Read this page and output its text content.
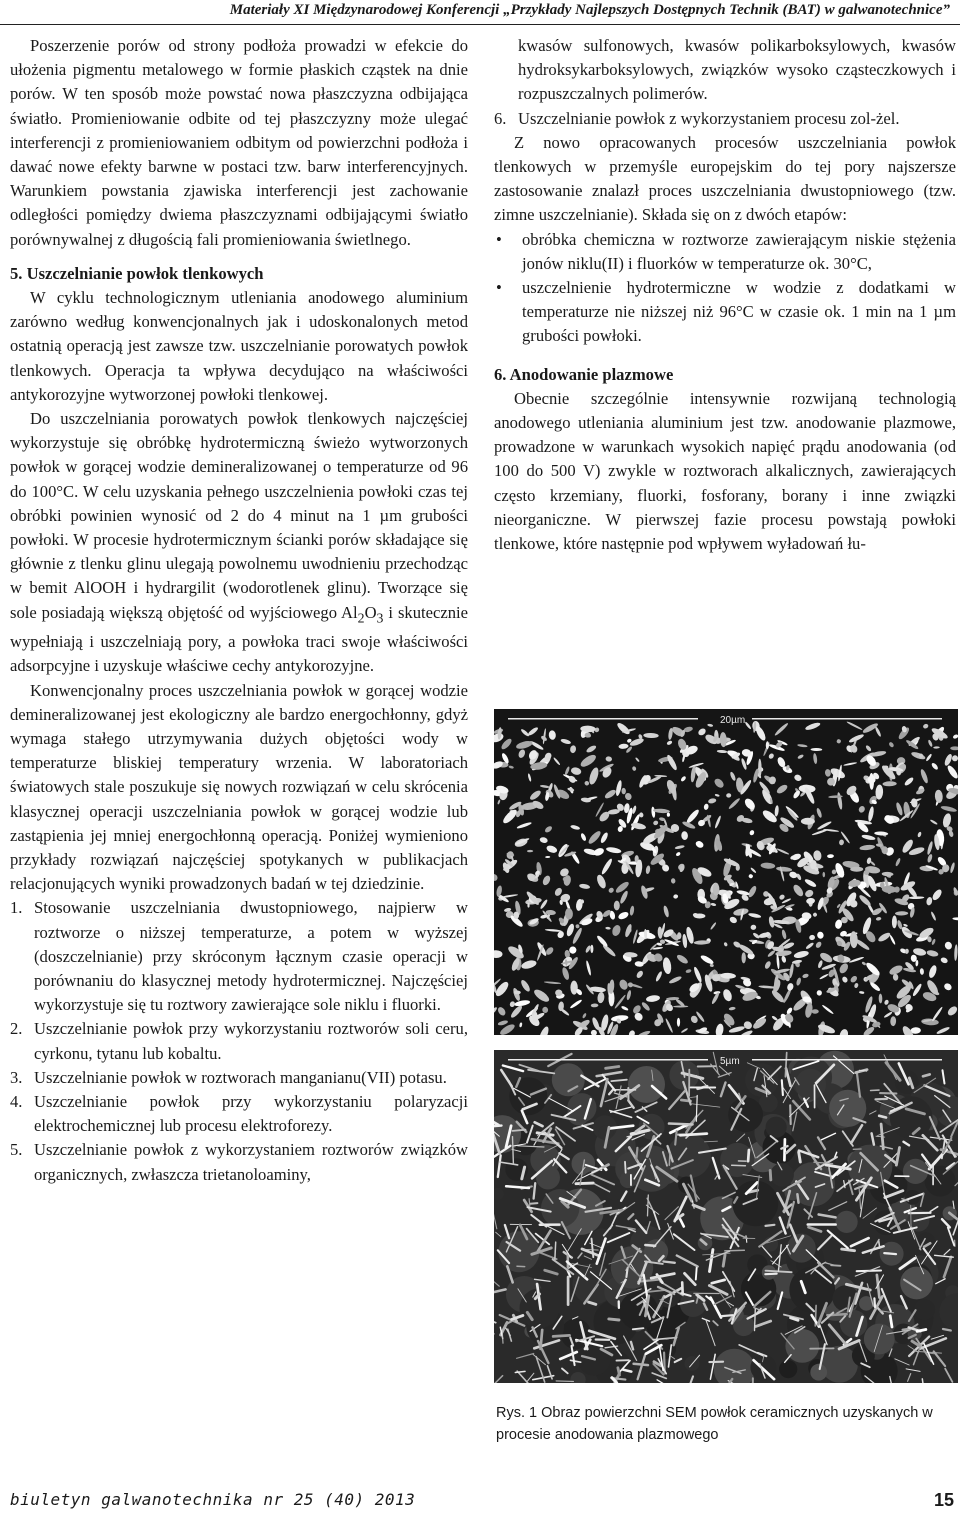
Materiały XI Międzynarodowej Konferencji „Przykłady Najlepszych Dostępnych Technik (BAT) w galwanotechnice”

Poszerzenie porów od strony podłoża prowadzi w efekcie do ułożenia pigmentu metalowego w formie płaskich cząstek na dnie porów. W ten sposób może powstać nowa płaszczyzna odbijająca światło. Promieniowanie odbite od tej płaszczyzny może ulegać interferencji z promieniowaniem odbitym od powierzchni podłoża i dawać nowe efekty barwne w postaci tzw. barw interferencyjnych. Warunkiem powstania zjawiska interferencji jest zachowanie odległości pomiędzy dwiema płaszczyznami odbijającymi światło porównywalnej z długością fali promieniowania świetlnego.

5. Uszczelnianie powłok tlenkowych

W cyklu technologicznym utleniania anodowego aluminium zarówno według konwencjonalnych jak i udoskonalonych metod ostatnią operacją jest zawsze tzw. uszczelnianie porowatych powłok tlenkowych. Operacja ta wpływa decydująco na właściwości antykorozyjne wytworzonej powłoki tlenkowej.

Do uszczelniania porowatych powłok tlenkowych najczęściej wykorzystuje się obróbkę hydrotermiczną świeżo wytworzonych powłok w gorącej wodzie demineralizowanej o temperaturze od 96 do 100°C. W celu uzyskania pełnego uszczelnienia powłoki czas tej obróbki powinien wynosić od 2 do 4 minut na 1 µm grubości powłoki. W procesie hydrotermicznym ścianki porów składające się głównie z tlenku glinu ulegają powolnemu uwodnieniu przechodząc w bemit AlOOH i hydrargilit (wodorotlenek glinu). Tworzące się sole posiadają większą objętość od wyjściowego $Al_2O_3$ i skutecznie wypełniają i uszczelniają pory, a powłoka traci swoje właściwości adsorpcyjne i uzyskuje właściwe cechy antykorozyjne.

Konwencjonalny proces uszczelniania powłok w gorącej wodzie demineralizowanej jest ekologiczny ale bardzo energochłonny, gdyż wymaga stałego utrzymywania dużych objętości wody w temperaturze bliskiej temperatury wrzenia. W laboratoriach światowych stale poszukuje się nowych rozwiązań w celu skrócenia klasycznej operacji uszczelniania powłok w gorącej wodzie lub zastąpienia jej mniej energochłonną operacją. Poniżej wymieniono przykłady rozwiązań najczęściej spotykanych w publikacjach relacjonujących wyniki prowadzonych badań w tej dziedzinie.

1. Stosowanie uszczelniania dwustopniowego, najpierw w roztworze o niższej temperaturze, a potem w wyższej (doszczelnianie) przy skróconym łącznym czasie operacji w porównaniu do klasycznej metody hydrotermicznej. Najczęściej wykorzystuje się tu roztwory zawierające sole niklu i fluorki.
2. Uszczelnianie powłok przy wykorzystaniu roztworów soli ceru, cyrkonu, tytanu lub kobaltu.
3. Uszczelnianie powłok w roztworach manganianu(VII) potasu.
4. Uszczelnianie powłok przy wykorzystaniu polaryzacji elektrochemicznej lub procesu elektroforezy.
5. Uszczelnianie powłok z wykorzystaniem roztworów związków organicznych, zwłaszcza trietanoloaminy,
kwasów sulfonowych, kwasów polikarboksylowych, kwasów hydroksykarboksylowych, związków wysoko cząsteczkowych i rozpuszczalnych polimerów.
6. Uszczelnianie powłok z wykorzystaniem procesu zol-żel.

Z nowo opracowanych procesów uszczelniania powłok tlenkowych w przemyśle europejskim do tej pory najszersze zastosowanie znalazł proces uszczelniania dwustopniowego (tzw. zimne uszczelnianie). Składa się on z dwóch etapów:

• obróbka chemiczna w roztworze zawierającym niskie stężenia jonów niklu(II) i fluorków w temperaturze ok. 30°C,
• uszczelnienie hydrotermiczne w wodzie z dodatkami w temperaturze nie niższej niż 96°C w czasie ok. 1 min na 1 µm grubości powłoki.
6. Anodowanie plazmowe

Obecnie szczególnie intensywnie rozwijaną technologią anodowego utleniania aluminium jest tzw. anodowanie plazmowe, prowadzone w warunkach wysokich napięć prądu anodowania (od 100 do 500 V) zwykle w roztworach alkalicznych, zawierających często krzemiany, fluorki, fosforany, borany i inne związki nieorganiczne. W pierwszej fazie procesu powstają powłoki tlenkowe, które następnie pod wpływem wyładowań łu-

20µm
5µm
Rys. 1 Obraz powierzchni SEM powłok ceramicznych uzyskanych w procesie anodowania plazmowego
biuletyn galwanotechnika nr 25 (40) 2013	15
